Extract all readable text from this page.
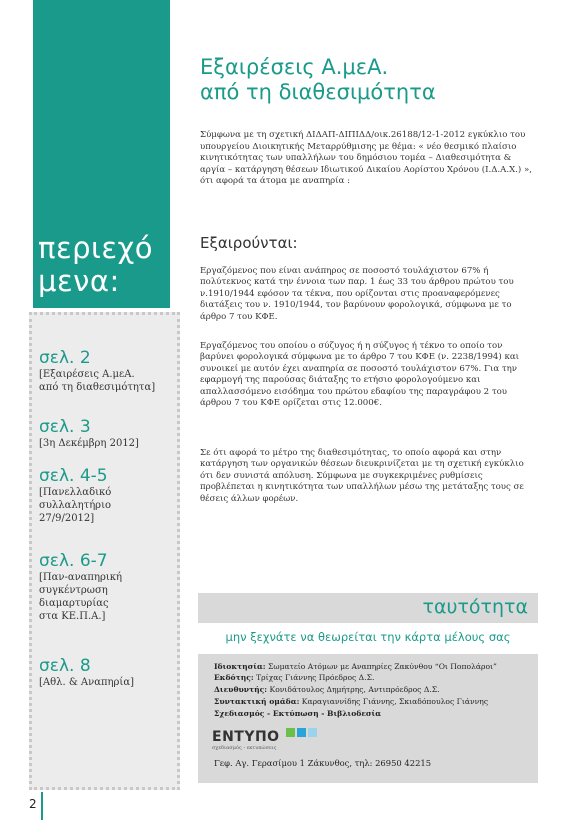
περιεχό
μενα:
σελ. 2
[Εξαιρέσεις Α.μεΑ.
από τη διαθεσιμότητα]
σελ. 3
[3η Δεκέμβρη 2012]
σελ. 4-5
[Πανελλαδικό
συλλαλητήριο
27/9/2012]
σελ. 6-7
[Παν-αναπηρική
συγκέντρωση
διαμαρτυρίας
στα ΚΕ.Π.Α.]
σελ. 8
[Αθλ. & Αναπηρία]
2
Εξαιρέσεις Α.μεΑ.
από τη διαθεσιμότητα
Σύμφωνα με τη σχετική ΔΙΔΑΠ-ΔΙΠΙΔΔ/οικ.26188/12-1-2012 εγκύκλιο του υπουργείου Διοικητικής Μεταρρύθμισης με θέμα: « νέο θεσμικό πλαίσιο κινητικότητας των υπαλλήλων του δημόσιου τομέα – Διαθεσιμότητα & αργία – κατάργηση θέσεων Ιδιωτικού Δικαίου Αορίστου Χρόνου (Ι.Δ.Α.Χ.) », ότι αφορά τα άτομα με αναπηρία :
Εξαιρούνται:
Εργαζόμενος που είναι ανάπηρος σε ποσοστό τουλάχιστον 67% ή πολύτεκνος κατά την έννοια των παρ. 1 έως 33 του άρθρου πρώτου του ν.1910/1944 εφόσον τα τέκνα, που ορίζονται στις προαναφερόμενες διατάξεις του ν. 1910/1944, τον βαρύνουν φορολογικά, σύμφωνα με το άρθρο 7 του ΚΦΕ.
Εργαζόμενος του οποίου ο σύζυγος ή η σύζυγος ή τέκνο το οποίο τον βαρύνει φορολογικά σύμφωνα με το άρθρο 7 του ΚΦΕ (ν. 2238/1994) και συνοικεί με αυτόν έχει αναπηρία σε ποσοστό τουλάχιστον 67%. Για την εφαρμογή της παρούσας διάταξης το ετήσιο φορολογούμενο και απαλλασσόμενο εισόδημα του πρώτου εδαφίου της παραγράφου 2 του άρθρου 7 του ΚΦΕ ορίζεται στις 12.000€.
Σε ότι αφορά το μέτρο της διαθεσιμότητας, το οποίο αφορά και στην κατάργηση των οργανικών θέσεων διευκρινίζεται με τη σχετική εγκύκλιο ότι δεν συνιστά απόλυση. Σύμφωνα με συγκεκριμένες ρυθμίσεις προβλέπεται η κινητικότητα των υπαλλήλων μέσω της μετάταξης τους σε θέσεις άλλων φορέων.
ταυτότητα
μην ξεχνάτε να θεωρείται την κάρτα μέλους σας
Ιδιοκτησία: Σωματείο Ατόμων με Αναπηρίες Ζακύνθου “Οι Ποπολάροι”
Εκδότης: Τρίχας Γιάννης Πρόεδρος Δ.Σ.
Διευθυντής: Κονιδάτουλος Δημήτρης, Αντιπρόεδρος Δ.Σ.
Συντακτική ομάδα: Καραγιαννίδης Γιάννης, Σκιαδόπουλος Γιάννης
Σχεδιασμός - Εκτύπωση - Βιβλιοδεσία
ΕΝΤΥΠΟ
σχεδιασμός - εκτυπώσεις
Γεφ. Αγ. Γερασίμου 1 Ζάκυνθος, τηλ: 26950 42215
